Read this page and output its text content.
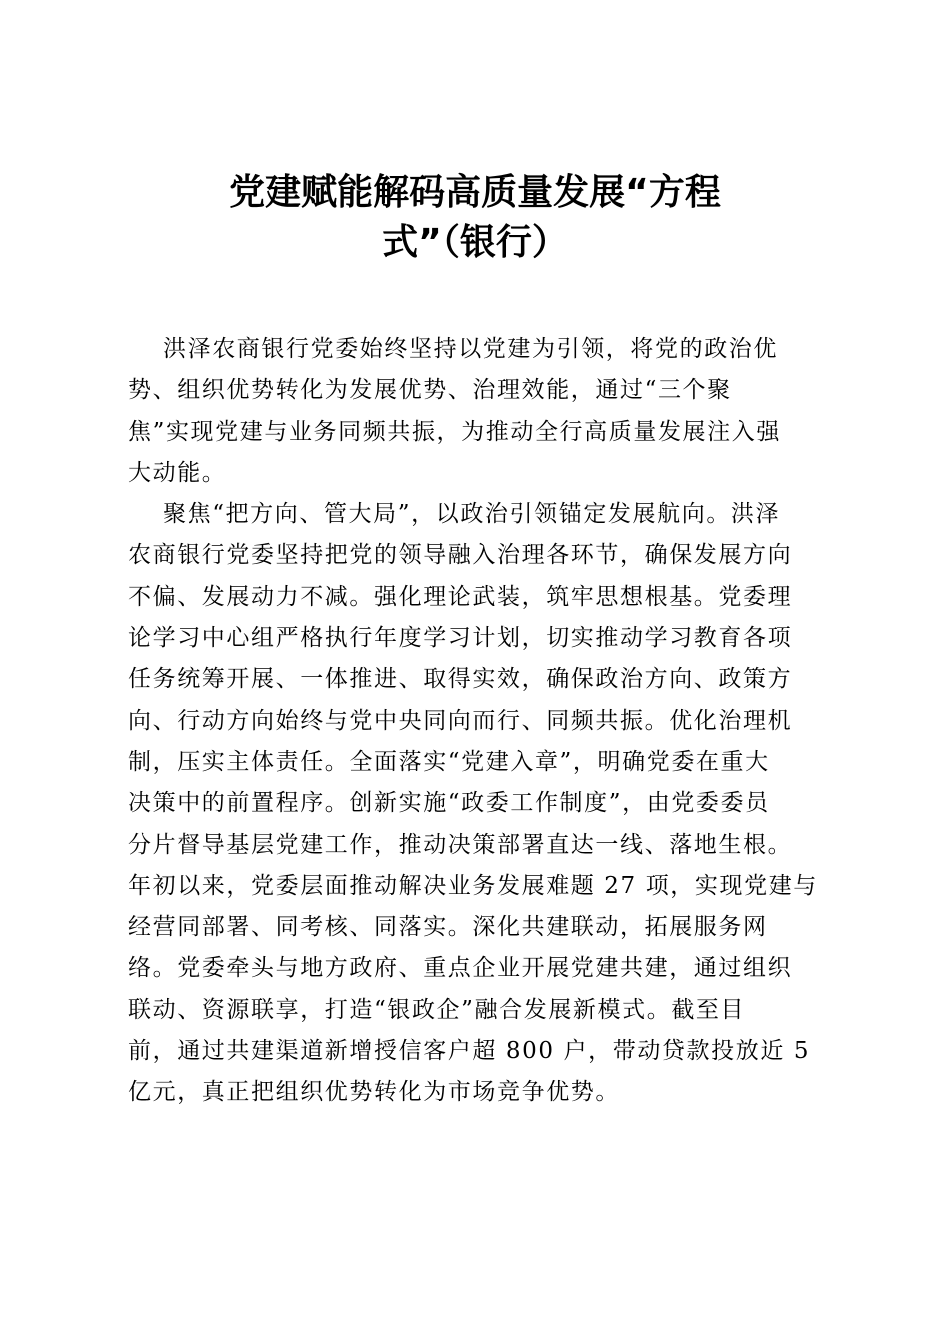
党建赋能解码高质量发展“方程
式”（银行）
洪泽农商银行党委始终坚持以党建为引领，将党的政治优
势、组织优势转化为发展优势、治理效能，通过“三个聚
焦”实现党建与业务同频共振，为推动全行高质量发展注入强
大动能。
聚焦“把方向、管大局”，以政治引领锚定发展航向。洪泽
农商银行党委坚持把党的领导融入治理各环节，确保发展方向
不偏、发展动力不减。强化理论武装，筑牢思想根基。党委理
论学习中心组严格执行年度学习计划，切实推动学习教育各项
任务统筹开展、一体推进、取得实效，确保政治方向、政策方
向、行动方向始终与党中央同向而行、同频共振。优化治理机
制，压实主体责任。全面落实“党建入章”，明确党委在重大
决策中的前置程序。创新实施“政委工作制度”，由党委委员
分片督导基层党建工作，推动决策部署直达一线、落地生根。
年初以来，党委层面推动解决业务发展难题 27 项，实现党建与
经营同部署、同考核、同落实。深化共建联动，拓展服务网
络。党委牵头与地方政府、重点企业开展党建共建，通过组织
联动、资源联享，打造“银政企”融合发展新模式。截至目
前，通过共建渠道新增授信客户超 800 户，带动贷款投放近 5
亿元，真正把组织优势转化为市场竞争优势。
